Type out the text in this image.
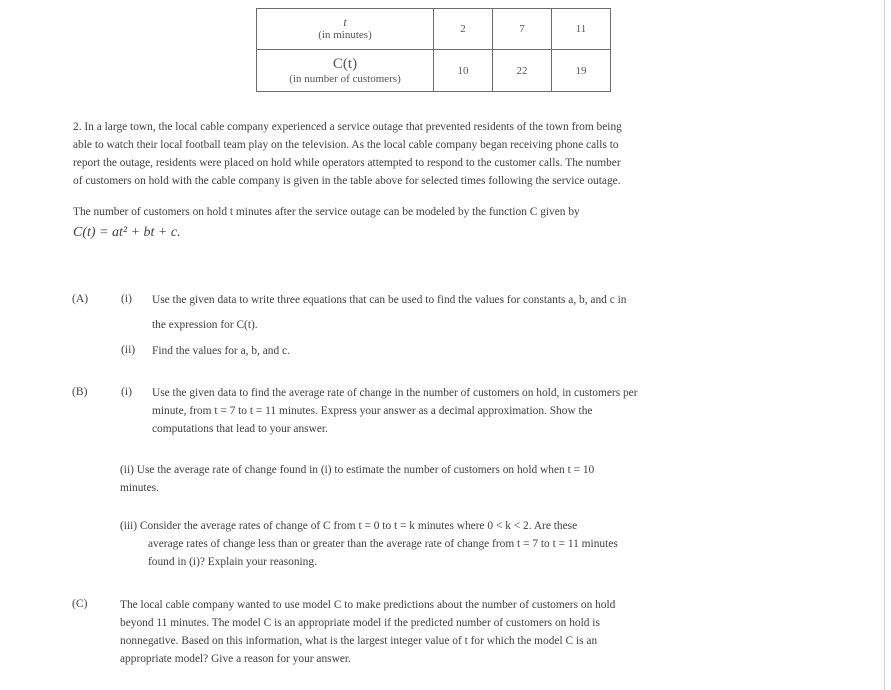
t
(in minutes)	2	7	11

C(t)
(in number of customers)	10	22	19
2. In a large town, the local cable company experienced a service outage that prevented residents of the town from being
able to watch their local football team play on the television. As the local cable company began receiving phone calls to
report the outage, residents were placed on hold while operators attempted to respond to the customer calls. The number
of customers on hold with the cable company is given in the table above for selected times following the service outage.
The number of customers on hold t minutes after the service outage can be modeled by the function C given by
C(t) = at² + bt + c.
(A)	(i) Use the given data to write three equations that can be used to find the values for constants a, b, and c in
the expression for C(t).
(ii) Find the values for a, b, and c.
(B)	(i) Use the given data to find the average rate of change in the number of customers on hold, in customers per
minute, from t = 7 to t = 11 minutes. Express your answer as a decimal approximation. Show the
computations that lead to your answer.
(ii) Use the average rate of change found in (i) to estimate the number of customers on hold when t = 10
minutes.
(iii) Consider the average rates of change of C from t = 0 to t = k minutes where 0 < k < 2. Are these
average rates of change less than or greater than the average rate of change from t = 7 to t = 11 minutes
found in (i)? Explain your reasoning.
(C)	The local cable company wanted to use model C to make predictions about the number of customers on hold
beyond 11 minutes. The model C is an appropriate model if the predicted number of customers on hold is
nonnegative. Based on this information, what is the largest integer value of t for which the model C is an
appropriate model? Give a reason for your answer.
